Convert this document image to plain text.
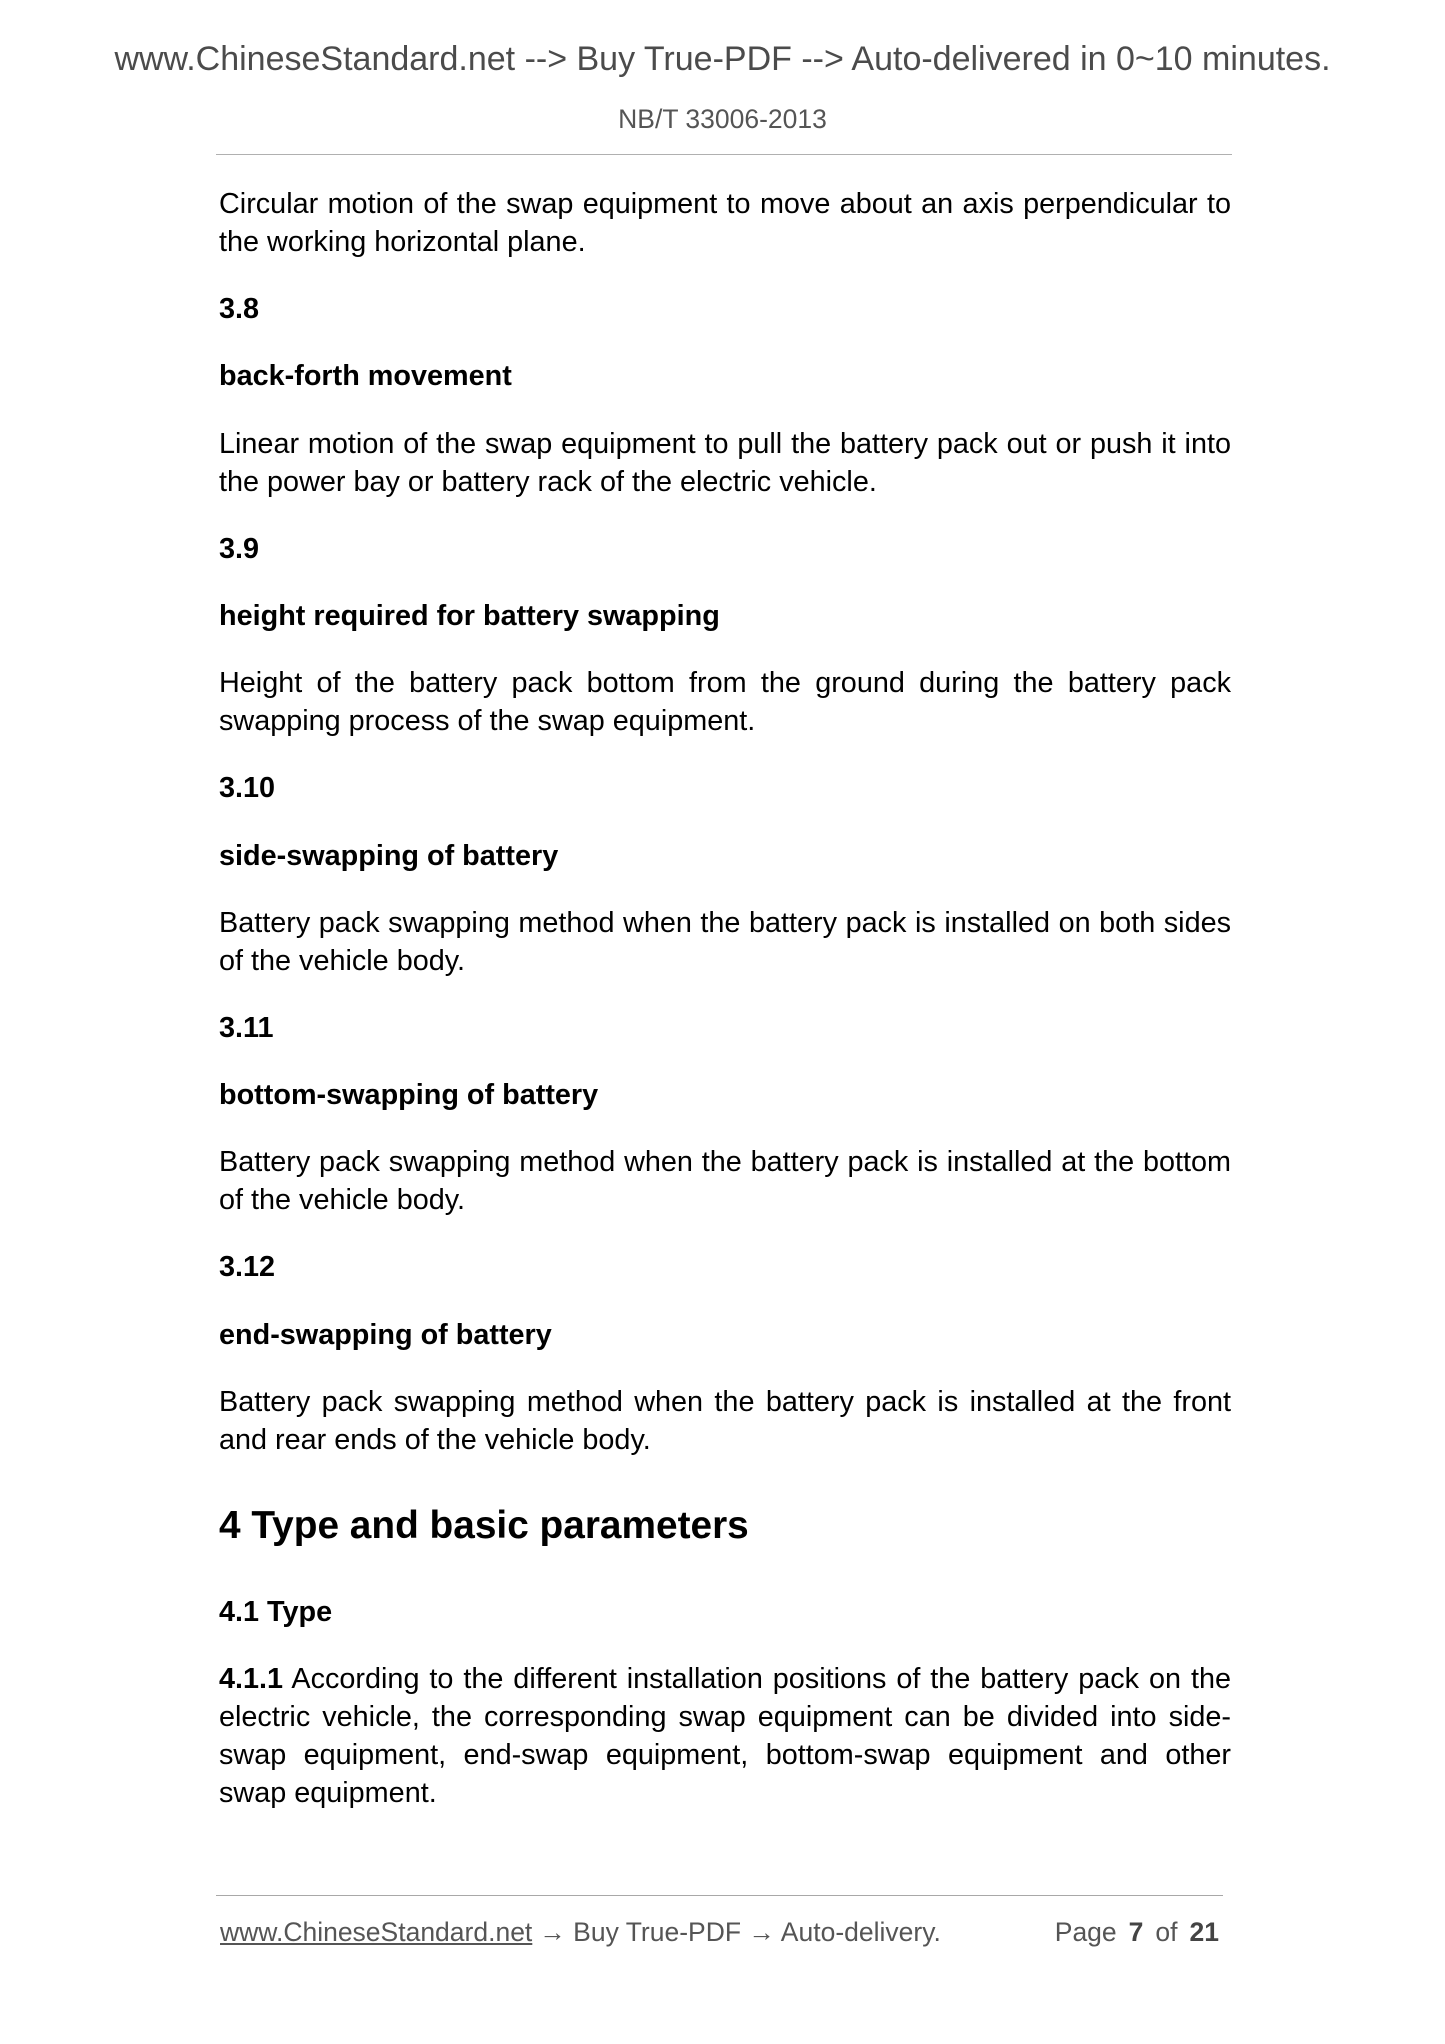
www.ChineseStandard.net --> Buy True-PDF --> Auto-delivered in 0~10 minutes.
NB/T 33006-2013

Circular motion of the swap equipment to move about an axis perpendicular to the working horizontal plane.

3.8

back-forth movement

Linear motion of the swap equipment to pull the battery pack out or push it into the power bay or battery rack of the electric vehicle.

3.9

height required for battery swapping

Height of the battery pack bottom from the ground during the battery pack swapping process of the swap equipment.

3.10

side-swapping of battery

Battery pack swapping method when the battery pack is installed on both sides of the vehicle body.

3.11

bottom-swapping of battery

Battery pack swapping method when the battery pack is installed at the bottom of the vehicle body.

3.12

end-swapping of battery

Battery pack swapping method when the battery pack is installed at the front and rear ends of the vehicle body.

4 Type and basic parameters
4.1 Type

4.1.1 According to the different installation positions of the battery pack on the electric vehicle, the corresponding swap equipment can be divided into side-swap equipment, end-swap equipment, bottom-swap equipment and other swap equipment.

www.ChineseStandard.net → Buy True-PDF → Auto-delivery.	Page 7 of 21
